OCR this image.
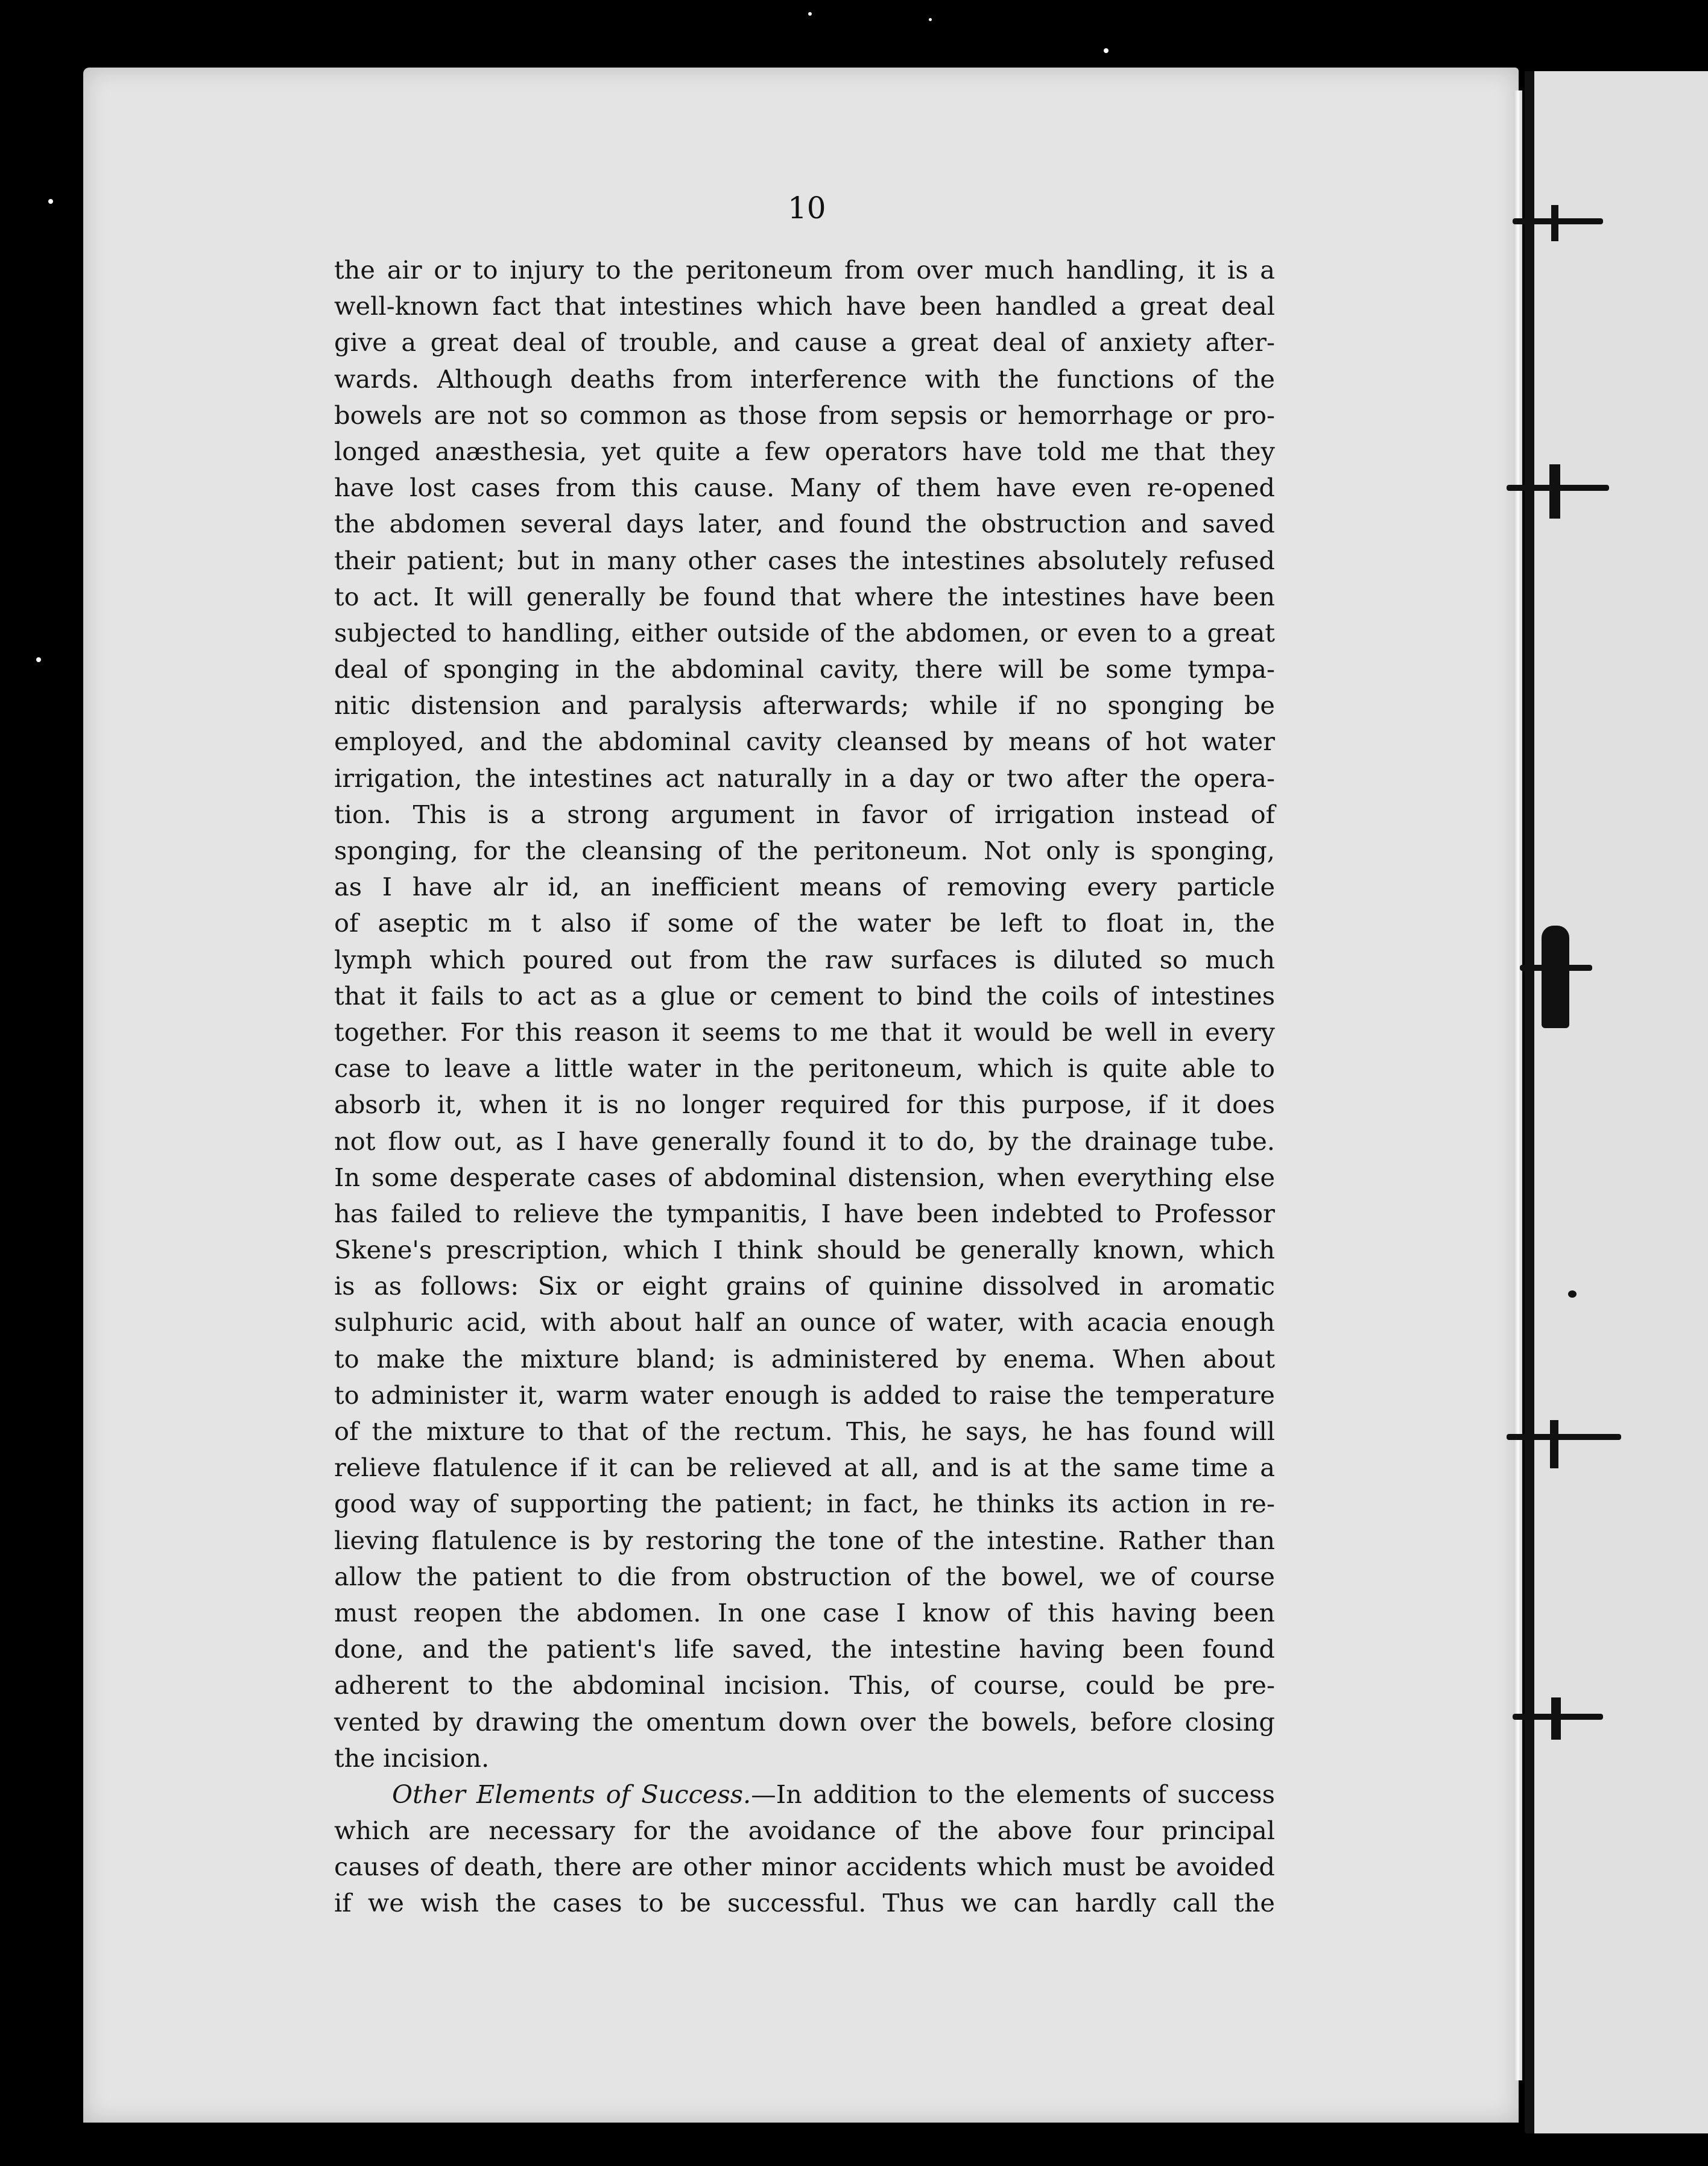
10

the air or to injury to the peritoneum from over much handling, it is a
well-known fact that intestines which have been handled a great deal
give a great deal of trouble, and cause a great deal of anxiety after-
wards. Although deaths from interference with the functions of the
bowels are not so common as those from sepsis or hemorrhage or pro-
longed anæsthesia, yet quite a few operators have told me that they
have lost cases from this cause. Many of them have even re-opened
the abdomen several days later, and found the obstruction and saved
their patient; but in many other cases the intestines absolutely refused
to act. It will generally be found that where the intestines have been
subjected to handling, either outside of the abdomen, or even to a great
deal of sponging in the abdominal cavity, there will be some tympa-
nitic distension and paralysis afterwards; while if no sponging be
employed, and the abdominal cavity cleansed by means of hot water
irrigation, the intestines act naturally in a day or two after the opera-
tion. This is a strong argument in favor of irrigation instead of
sponging, for the cleansing of the peritoneum. Not only is sponging,
as I have alr id, an inefficient means of removing every particle
of aseptic m t also if some of the water be left to float in, the
lymph which poured out from the raw surfaces is diluted so much
that it fails to act as a glue or cement to bind the coils of intestines
together. For this reason it seems to me that it would be well in every
case to leave a little water in the peritoneum, which is quite able to
absorb it, when it is no longer required for this purpose, if it does
not flow out, as I have generally found it to do, by the drainage tube.
In some desperate cases of abdominal distension, when everything else
has failed to relieve the tympanitis, I have been indebted to Professor
Skene's prescription, which I think should be generally known, which
is as follows: Six or eight grains of quinine dissolved in aromatic
sulphuric acid, with about half an ounce of water, with acacia enough
to make the mixture bland; is administered by enema. When about
to administer it, warm water enough is added to raise the temperature
of the mixture to that of the rectum. This, he says, he has found will
relieve flatulence if it can be relieved at all, and is at the same time a
good way of supporting the patient; in fact, he thinks its action in re-
lieving flatulence is by restoring the tone of the intestine. Rather than
allow the patient to die from obstruction of the bowel, we of course
must reopen the abdomen. In one case I know of this having been
done, and the patient's life saved, the intestine having been found
adherent to the abdominal incision. This, of course, could be pre-
vented by drawing the omentum down over the bowels, before closing
the incision.
Other Elements of Success.—In addition to the elements of success
which are necessary for the avoidance of the above four principal
causes of death, there are other minor accidents which must be avoided
if we wish the cases to be successful. Thus we can hardly call the
